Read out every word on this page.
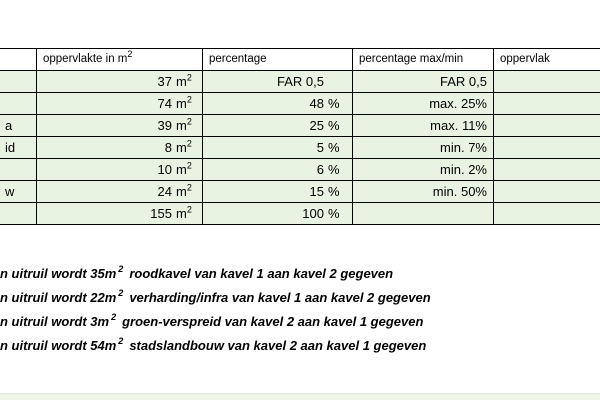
	oppervlakte in $m^2$	percentage	percentage max/min	oppervlak
	37 $m^2$	FAR 0,5	FAR 0,5	
	74 $m^2$	48 %	max. 25%	
a	39 $m^2$	25 %	max. 11%	
id	8 $m^2$	5 %	min. 7%	
	10 $m^2$	6 %	min. 2%	
w	24 $m^2$	15 %	min. 50%	
	155 $m^2$	100 %		
n uitruil wordt 35m 2 roodkavel van kavel 1 aan kavel 2 gegeven
n uitruil wordt 22m 2 verharding/infra van kavel 1 aan kavel 2 gegeven
n uitruil wordt 3m 2 groen-verspreid van kavel 2 aan kavel 1 gegeven
n uitruil wordt 54m 2 stadslandbouw van kavel 2 aan kavel 1 gegeven
